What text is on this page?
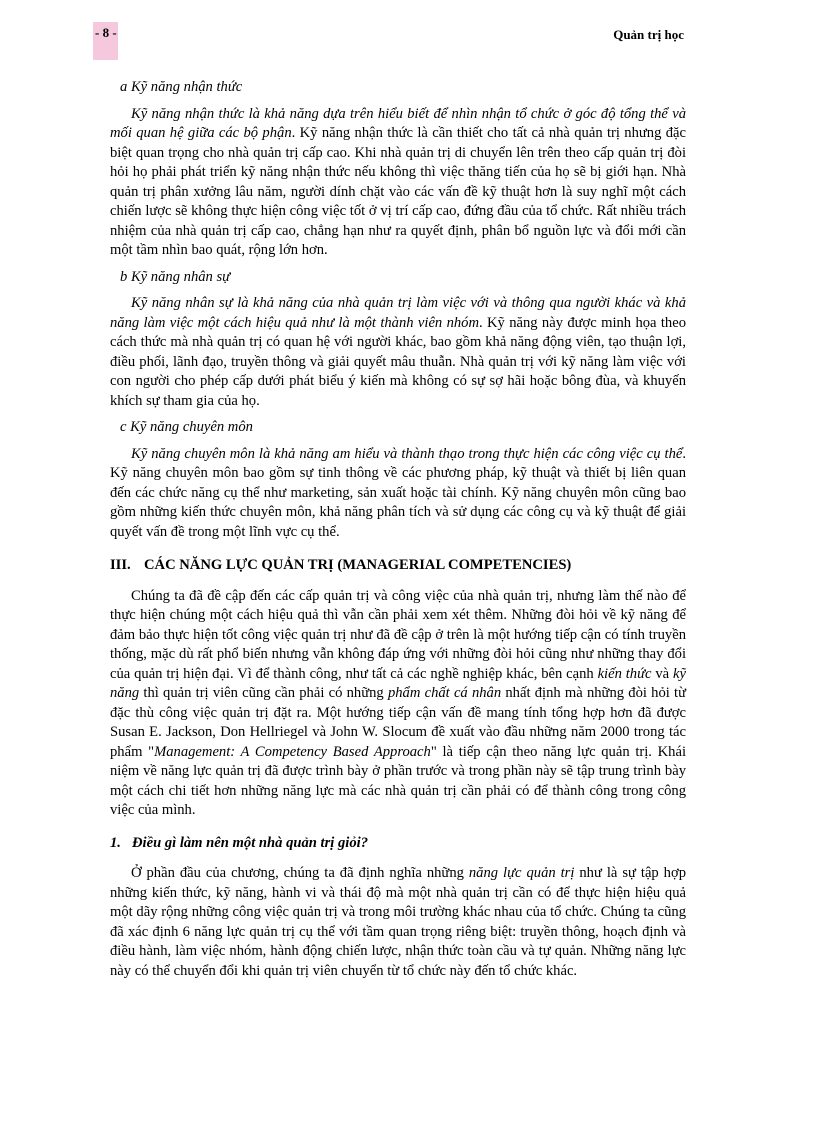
- 8 -	Quản trị học

a Kỹ năng nhận thức

Kỹ năng nhận thức là khả năng dựa trên hiểu biết để nhìn nhận tổ chức ở góc độ tổng thể và mối quan hệ giữa các bộ phận. Kỹ năng nhận thức là cần thiết cho tất cả nhà quản trị nhưng đặc biệt quan trọng cho nhà quản trị cấp cao. Khi nhà quản trị di chuyển lên trên theo cấp quản trị đòi hỏi họ phải phát triển kỹ năng nhận thức nếu không thì việc thăng tiến của họ sẽ bị giới hạn. Nhà quản trị phân xưởng lâu năm, người dính chặt vào các vấn đề kỹ thuật hơn là suy nghĩ một cách chiến lược sẽ không thực hiện công việc tốt ở vị trí cấp cao, đứng đầu của tổ chức. Rất nhiều trách nhiệm của nhà quản trị cấp cao, chẳng hạn như ra quyết định, phân bổ nguồn lực và đổi mới cần một tầm nhìn bao quát, rộng lớn hơn.

b Kỹ năng nhân sự

Kỹ năng nhân sự là khả năng của nhà quản trị làm việc với và thông qua người khác và khả năng làm việc một cách hiệu quả như là một thành viên nhóm. Kỹ năng này được minh họa theo cách thức mà nhà quản trị có quan hệ với người khác, bao gồm khả năng động viên, tạo thuận lợi, điều phối, lãnh đạo, truyền thông và giải quyết mâu thuẫn. Nhà quản trị với kỹ năng làm việc với con người cho phép cấp dưới phát biểu ý kiến mà không có sự sợ hãi hoặc bông đùa, và khuyến khích sự tham gia của họ.

c Kỹ năng chuyên môn

Kỹ năng chuyên môn là khả năng am hiểu và thành thạo trong thực hiện các công việc cụ thể. Kỹ năng chuyên môn bao gồm sự tinh thông về các phương pháp, kỹ thuật và thiết bị liên quan đến các chức năng cụ thể như marketing, sản xuất hoặc tài chính. Kỹ năng chuyên môn cũng bao gồm những kiến thức chuyên môn, khả năng phân tích và sử dụng các công cụ và kỹ thuật để giải quyết vấn đề trong một lĩnh vực cụ thể.

III. CÁC NĂNG LỰC QUẢN TRỊ (MANAGERIAL COMPETENCIES)

Chúng ta đã đề cập đến các cấp quản trị và công việc của nhà quản trị, nhưng làm thế nào để thực hiện chúng một cách hiệu quả thì vẫn cần phải xem xét thêm. Những đòi hỏi về kỹ năng để đảm bảo thực hiện tốt công việc quản trị như đã đề cập ở trên là một hướng tiếp cận có tính truyền thống, mặc dù rất phổ biến nhưng vẫn không đáp ứng với những đòi hỏi cũng như những thay đổi của quản trị hiện đại. Vì để thành công, như tất cả các nghề nghiệp khác, bên cạnh kiến thức và kỹ năng thì quản trị viên cũng cần phải có những phẩm chất cá nhân nhất định mà những đòi hỏi từ đặc thù công việc quản trị đặt ra. Một hướng tiếp cận vấn đề mang tính tổng hợp hơn đã được Susan E. Jackson, Don Hellriegel và John W. Slocum đề xuất vào đầu những năm 2000 trong tác phẩm "Management: A Competency Based Approach" là tiếp cận theo năng lực quản trị. Khái niệm về năng lực quản trị đã được trình bày ở phần trước và trong phần này sẽ tập trung trình bày một cách chi tiết hơn những năng lực mà các nhà quản trị cần phải có để thành công trong công việc của mình.

1. Điều gì làm nên một nhà quản trị giỏi?

Ở phần đầu của chương, chúng ta đã định nghĩa những năng lực quản trị như là sự tập hợp những kiến thức, kỹ năng, hành vi và thái độ mà một nhà quản trị cần có để thực hiện hiệu quả một dãy rộng những công việc quản trị và trong môi trường khác nhau của tổ chức. Chúng ta cũng đã xác định 6 năng lực quản trị cụ thể với tầm quan trọng riêng biệt: truyền thông, hoạch định và điều hành, làm việc nhóm, hành động chiến lược, nhận thức toàn cầu và tự quản. Những năng lực này có thể chuyển đổi khi quản trị viên chuyển từ tổ chức này đến tổ chức khác.
